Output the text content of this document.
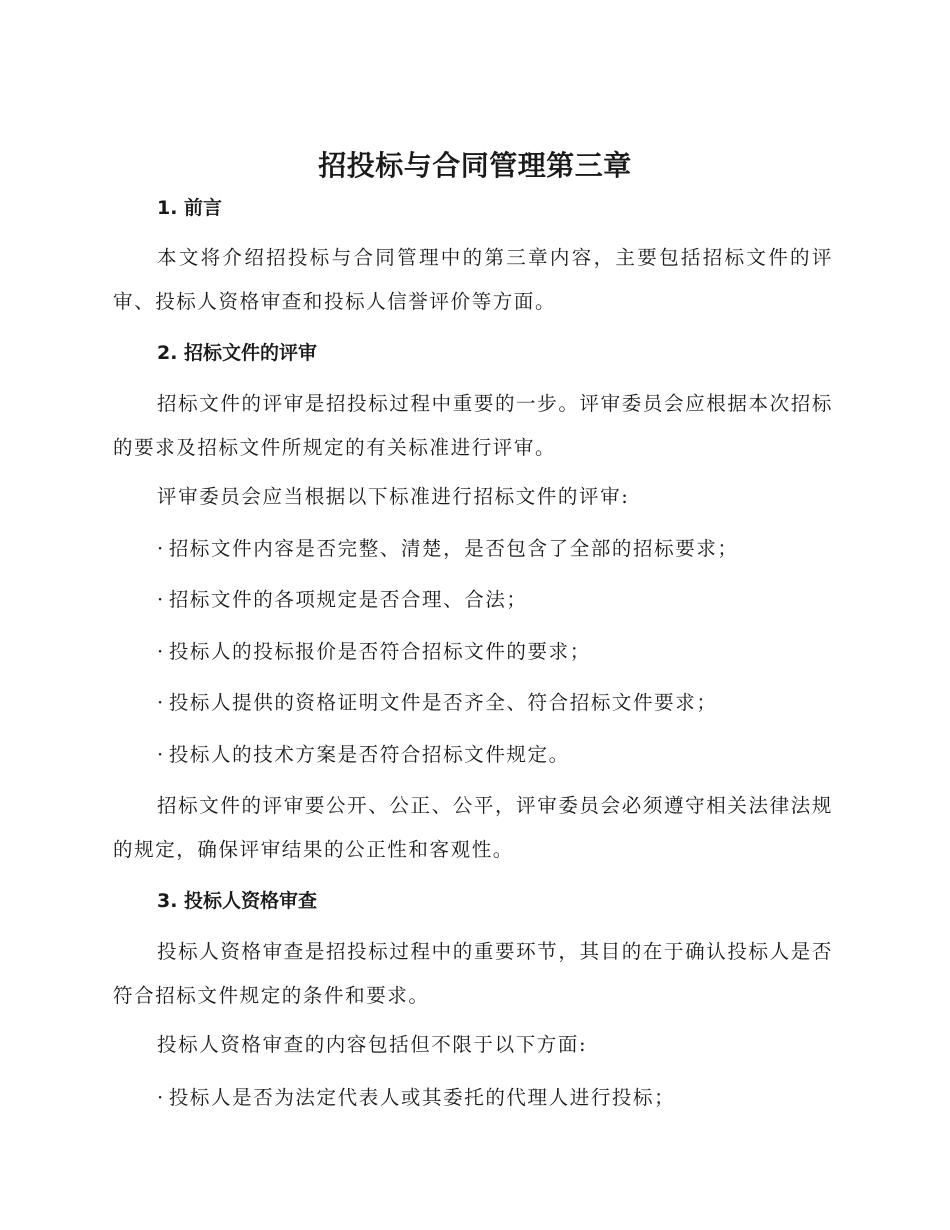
招投标与合同管理第三章
1. 前言

本文将介绍招投标与合同管理中的第三章内容，主要包括招标文件的评审、投标人资格审查和投标人信誉评价等方面。

2. 招标文件的评审

招标文件的评审是招投标过程中重要的一步。评审委员会应根据本次招标的要求及招标文件所规定的有关标准进行评审。

评审委员会应当根据以下标准进行招标文件的评审:

· 招标文件内容是否完整、清楚，是否包含了全部的招标要求；
· 招标文件的各项规定是否合理、合法；
· 投标人的投标报价是否符合招标文件的要求；
· 投标人提供的资格证明文件是否齐全、符合招标文件要求；
· 投标人的技术方案是否符合招标文件规定。

招标文件的评审要公开、公正、公平，评审委员会必须遵守相关法律法规的规定，确保评审结果的公正性和客观性。

3. 投标人资格审查

投标人资格审查是招投标过程中的重要环节，其目的在于确认投标人是否符合招标文件规定的条件和要求。

投标人资格审查的内容包括但不限于以下方面:

· 投标人是否为法定代表人或其委托的代理人进行投标；
